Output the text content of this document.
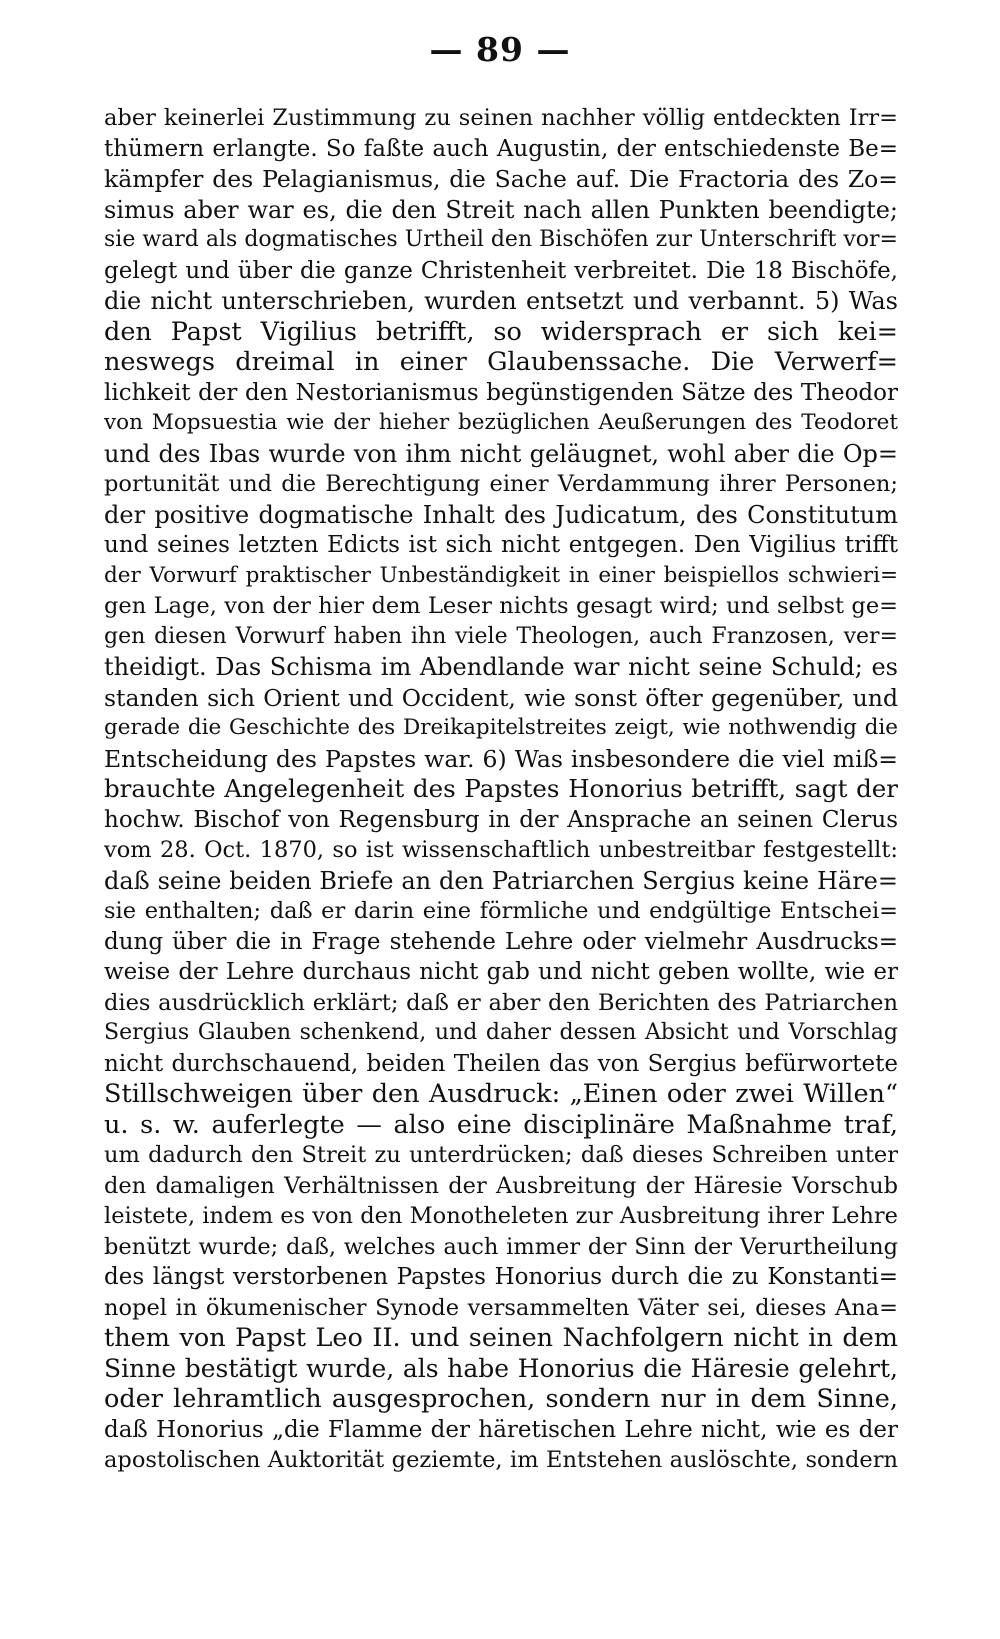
— 89 —
aber keinerlei Zustimmung zu seinen nachher völlig entdeckten Irr=
thümern erlangte. So faßte auch Augustin, der entschiedenste Be=
kämpfer des Pelagianismus, die Sache auf. Die Fractoria des Zo=
simus aber war es, die den Streit nach allen Punkten beendigte;
sie ward als dogmatisches Urtheil den Bischöfen zur Unterschrift vor=
gelegt und über die ganze Christenheit verbreitet. Die 18 Bischöfe,
die nicht unterschrieben, wurden entsetzt und verbannt. 5) Was
den Papst Vigilius betrifft, so widersprach er sich kei=
neswegs dreimal in einer Glaubenssache. Die Verwerf=
lichkeit der den Nestorianismus begünstigenden Sätze des Theodor
von Mopsuestia wie der hieher bezüglichen Aeußerungen des Teodoret
und des Ibas wurde von ihm nicht geläugnet, wohl aber die Op=
portunität und die Berechtigung einer Verdammung ihrer Personen;
der positive dogmatische Inhalt des Judicatum, des Constitutum
und seines letzten Edicts ist sich nicht entgegen. Den Vigilius trifft
der Vorwurf praktischer Unbeständigkeit in einer beispiellos schwieri=
gen Lage, von der hier dem Leser nichts gesagt wird; und selbst ge=
gen diesen Vorwurf haben ihn viele Theologen, auch Franzosen, ver=
theidigt. Das Schisma im Abendlande war nicht seine Schuld; es
standen sich Orient und Occident, wie sonst öfter gegenüber, und
gerade die Geschichte des Dreikapitelstreites zeigt, wie nothwendig die
Entscheidung des Papstes war. 6) Was insbesondere die viel miß=
brauchte Angelegenheit des Papstes Honorius betrifft, sagt der
hochw. Bischof von Regensburg in der Ansprache an seinen Clerus
vom 28. Oct. 1870, so ist wissenschaftlich unbestreitbar festgestellt:
daß seine beiden Briefe an den Patriarchen Sergius keine Häre=
sie enthalten; daß er darin eine förmliche und endgültige Entschei=
dung über die in Frage stehende Lehre oder vielmehr Ausdrucks=
weise der Lehre durchaus nicht gab und nicht geben wollte, wie er
dies ausdrücklich erklärt; daß er aber den Berichten des Patriarchen
Sergius Glauben schenkend, und daher dessen Absicht und Vorschlag
nicht durchschauend, beiden Theilen das von Sergius befürwortete
Stillschweigen über den Ausdruck: „Einen oder zwei Willen“
u. s. w. auferlegte — also eine disciplinäre Maßnahme traf,
um dadurch den Streit zu unterdrücken; daß dieses Schreiben unter
den damaligen Verhältnissen der Ausbreitung der Häresie Vorschub
leistete, indem es von den Monotheleten zur Ausbreitung ihrer Lehre
benützt wurde; daß, welches auch immer der Sinn der Verurtheilung
des längst verstorbenen Papstes Honorius durch die zu Konstanti=
nopel in ökumenischer Synode versammelten Väter sei, dieses Ana=
them von Papst Leo II. und seinen Nachfolgern nicht in dem
Sinne bestätigt wurde, als habe Honorius die Häresie gelehrt,
oder lehramtlich ausgesprochen, sondern nur in dem Sinne,
daß Honorius „die Flamme der häretischen Lehre nicht, wie es der
apostolischen Auktorität geziemte, im Entstehen auslöschte, sondern
